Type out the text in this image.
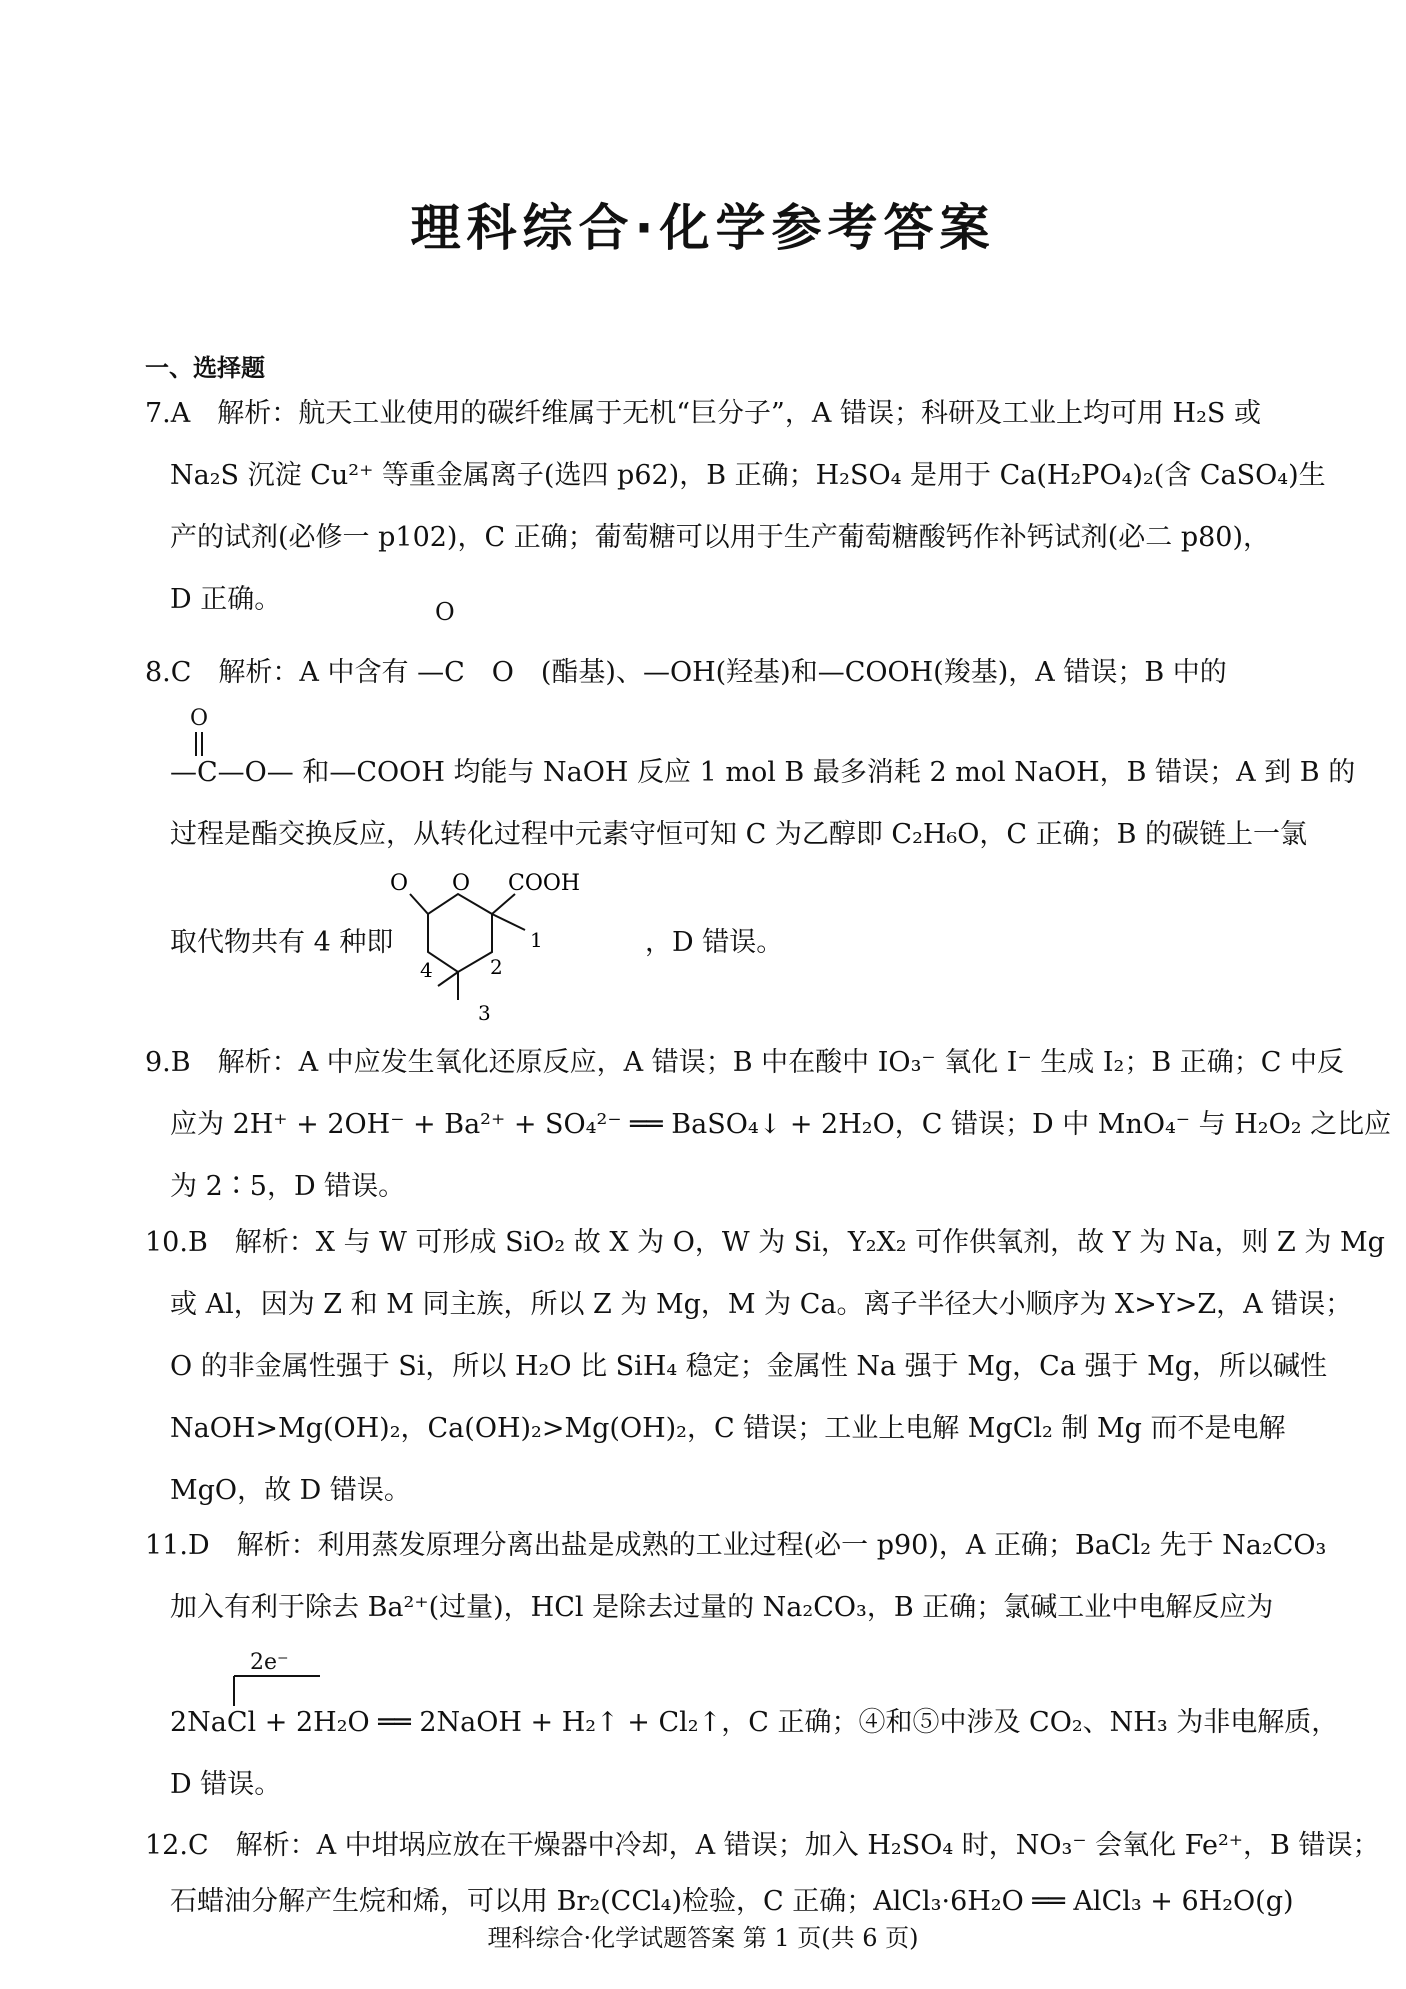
理科综合·化学参考答案
一、选择题
7.A　解析：航天工业使用的碳纤维属于无机“巨分子”，A 错误；科研及工业上均可用 H₂S 或
Na₂S 沉淀 Cu²⁺ 等重金属离子(选四 p62)，B 正确；H₂SO₄ 是用于 Ca(H₂PO₄)₂(含 CaSO₄)生
产的试剂(必修一 p102)，C 正确；葡萄糖可以用于生产葡萄糖酸钙作补钙试剂(必二 p80)，
D 正确。	O
8.C　解析：A 中含有 —C　O　(酯基)、—OH(羟基)和—COOH(羧基)，A 错误；B 中的
O
—C—O— 和—COOH 均能与 NaOH 反应 1 mol B 最多消耗 2 mol NaOH，B 错误；A 到 B 的
过程是酯交换反应，从转化过程中元素守恒可知 C 为乙醇即 C₂H₆O，C 正确；B 的碳链上一氯
O O COOH
1
2
4
3
取代物共有 4 种即	，D 错误。
9.B　解析：A 中应发生氧化还原反应，A 错误；B 中在酸中 IO₃⁻ 氧化 I⁻ 生成 I₂；B 正确；C 中反
应为 2H⁺ + 2OH⁻ + Ba²⁺ + SO₄²⁻ ══ BaSO₄↓ + 2H₂O，C 错误；D 中 MnO₄⁻ 与 H₂O₂ 之比应
为 2∶5，D 错误。
10.B　解析：X 与 W 可形成 SiO₂ 故 X 为 O，W 为 Si，Y₂X₂ 可作供氧剂，故 Y 为 Na，则 Z 为 Mg
或 Al，因为 Z 和 M 同主族，所以 Z 为 Mg，M 为 Ca。离子半径大小顺序为 X>Y>Z，A 错误；
O 的非金属性强于 Si，所以 H₂O 比 SiH₄ 稳定；金属性 Na 强于 Mg，Ca 强于 Mg，所以碱性
NaOH>Mg(OH)₂，Ca(OH)₂>Mg(OH)₂，C 错误；工业上电解 MgCl₂ 制 Mg 而不是电解
MgO，故 D 错误。
11.D　解析：利用蒸发原理分离出盐是成熟的工业过程(必一 p90)，A 正确；BaCl₂ 先于 Na₂CO₃
加入有利于除去 Ba²⁺(过量)，HCl 是除去过量的 Na₂CO₃，B 正确；氯碱工业中电解反应为
2e⁻
2NaCl + 2H₂O ══ 2NaOH + H₂↑ + Cl₂↑，C 正确；④和⑤中涉及 CO₂、NH₃ 为非电解质，
D 错误。
12.C　解析：A 中坩埚应放在干燥器中冷却，A 错误；加入 H₂SO₄ 时，NO₃⁻ 会氧化 Fe²⁺，B 错误；
石蜡油分解产生烷和烯，可以用 Br₂(CCl₄)检验，C 正确；AlCl₃·6H₂O ══ AlCl₃ + 6H₂O(g)
理科综合·化学试题答案 第 1 页(共 6 页)
